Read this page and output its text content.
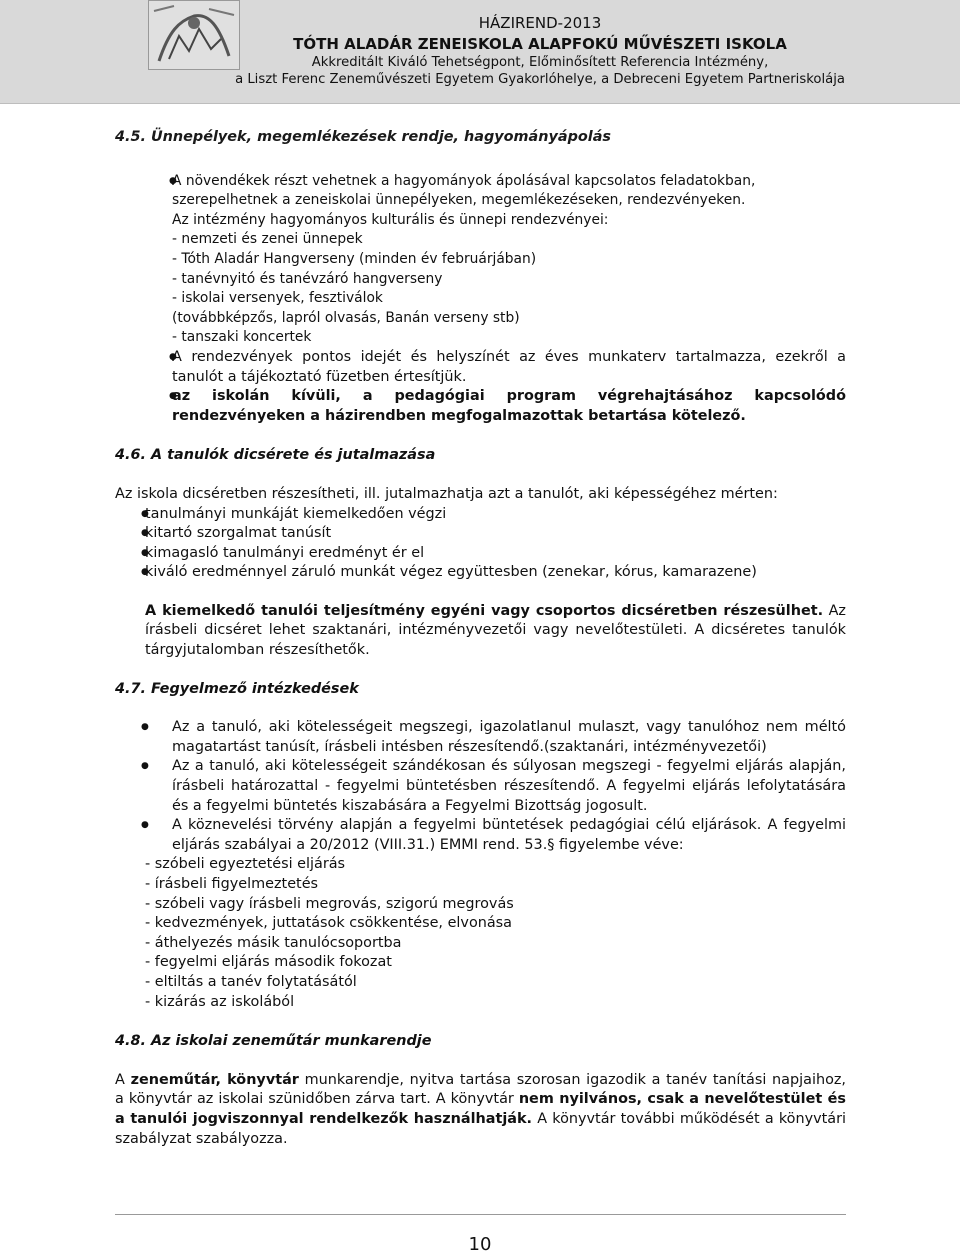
HÁZIREND-2013
TÓTH ALADÁR ZENEISKOLA ALAPFOKÚ MŰVÉSZETI ISKOLA
Akkreditált Kiváló Tehetségpont, Előminősített Referencia Intézmény,
a Liszt Ferenc Zeneművészeti Egyetem Gyakorlóhelye, a Debreceni Egyetem Partneriskolája

4.5. Ünnepélyek, megemlékezések rendje, hagyományápolás

● A növendékek részt vehetnek a hagyományok ápolásával kapcsolatos feladatokban, szerepelhetnek a zeneiskolai ünnepélyeken, megemlékezéseken, rendezvényeken.
Az intézmény hagyományos kulturális és ünnepi rendezvényei:
- nemzeti és zenei ünnepek
- Tóth Aladár Hangverseny (minden év februárjában)
- tanévnyitó és tanévzáró hangverseny
- iskolai versenyek, fesztiválok
(továbbképzős, lapról olvasás, Banán verseny stb)
- tanszaki koncertek
● A rendezvények pontos idejét és helyszínét az éves munkaterv tartalmazza, ezekről a tanulót a tájékoztató füzetben értesítjük.
● az iskolán kívüli, a pedagógiai program végrehajtásához kapcsolódó rendezvényeken a házirendben megfogalmazottak betartása kötelező.

4.6. A tanulók dicsérete és jutalmazása

Az iskola dicséretben részesítheti, ill. jutalmazhatja azt a tanulót, aki képességéhez mérten:

● tanulmányi munkáját kiemelkedően végzi
● kitartó szorgalmat tanúsít
● kimagasló tanulmányi eredményt ér el
● kiváló eredménnyel záruló munkát végez együttesben (zenekar, kórus, kamarazene)

A kiemelkedő tanulói teljesítmény egyéni vagy csoportos dicséretben részesülhet. Az írásbeli dicséret lehet szaktanári, intézményvezetői vagy nevelőtestületi. A dicséretes tanulók tárgyjutalomban részesíthetők.

4.7. Fegyelmező intézkedések

● Az a tanuló, aki kötelességeit megszegi, igazolatlanul mulaszt, vagy tanulóhoz nem méltó magatartást tanúsít, írásbeli intésben részesítendő.(szaktanári, intézményvezetői)
● Az a tanuló, aki kötelességeit szándékosan és súlyosan megszegi - fegyelmi eljárás alapján, írásbeli határozattal - fegyelmi büntetésben részesítendő. A fegyelmi eljárás lefolytatására és a fegyelmi büntetés kiszabására a Fegyelmi Bizottság jogosult.
● A köznevelési törvény alapján a fegyelmi büntetések pedagógiai célú eljárások. A fegyelmi eljárás szabályai a 20/2012 (VIII.31.) EMMI rend. 53.§ figyelembe véve:

- szóbeli egyeztetési eljárás

- írásbeli figyelmeztetés

- szóbeli vagy írásbeli megrovás, szigorú megrovás

- kedvezmények, juttatások csökkentése, elvonása

- áthelyezés másik tanulócsoportba

- fegyelmi eljárás második fokozat

- eltiltás a tanév folytatásától

- kizárás az iskolából

4.8. Az iskolai zeneműtár munkarendje

A zeneműtár, könyvtár munkarendje, nyitva tartása szorosan igazodik a tanév tanítási napjaihoz, a könyvtár az iskolai szünidőben zárva tart. A könyvtár nem nyilvános, csak a nevelőtestület és a tanulói jogviszonnyal rendelkezők használhatják. A könyvtár további működését a könyvtári szabályzat szabályozza.

10
